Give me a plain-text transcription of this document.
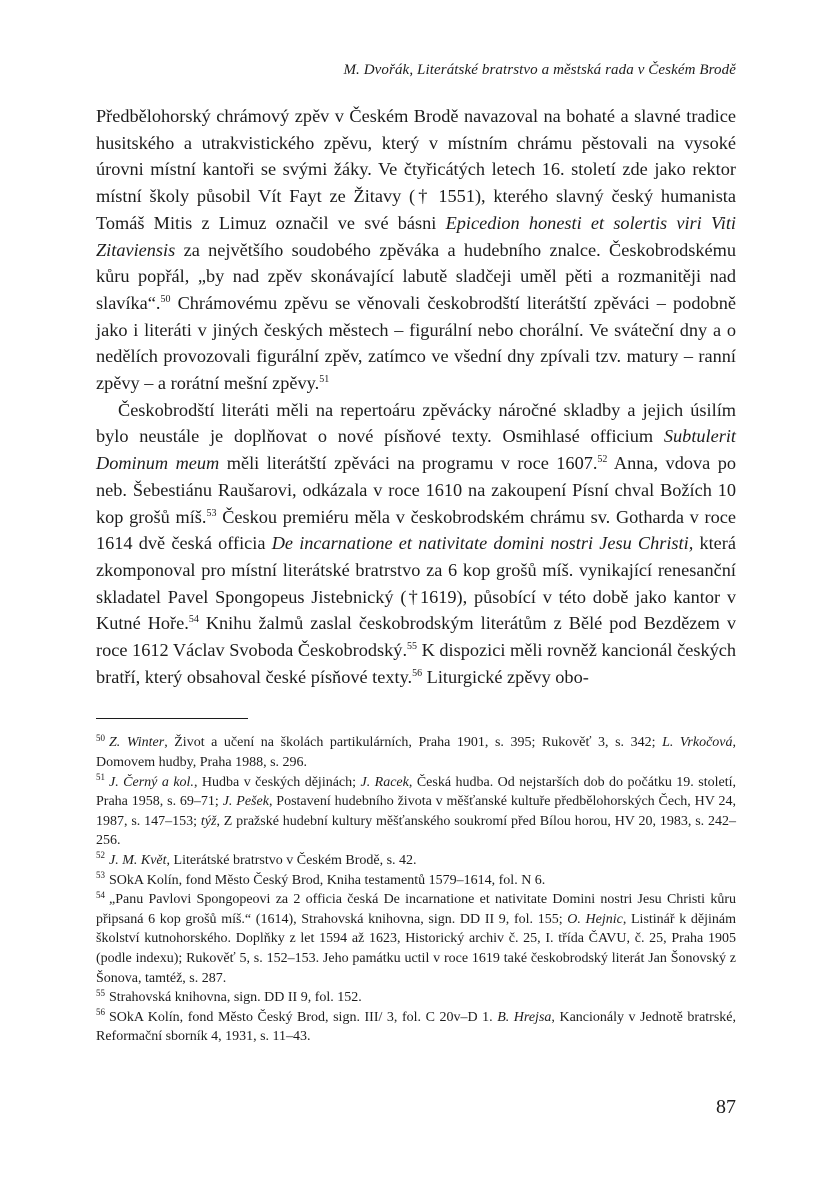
M. Dvořák, Literátské bratrstvo a městská rada v Českém Brodě

Předbělohorský chrámový zpěv v Českém Brodě navazoval na bohaté a slavné tradice husitského a utrakvistického zpěvu, který v místním chrámu pěstovali na vysoké úrovni místní kantoři se svými žáky. Ve čtyřicátých letech 16. století zde jako rektor místní školy působil Vít Fayt ze Žitavy († 1551), kterého slavný český humanista Tomáš Mitis z Limuz označil ve své básni Epicedion honesti et solertis viri Viti Zitaviensis za největšího soudobého zpěváka a hudebního znalce. Českobrodskému kůru popřál, „by nad zpěv skonávající labutě sladčeji uměl pěti a rozmanitěji nad slavíka“.$^{50}$ Chrámovému zpěvu se věnovali českobrodští literátští zpěváci – podobně jako i literáti v jiných českých městech – figurální nebo chorální. Ve sváteční dny a o nedělích provozovali figurální zpěv, zatímco ve všední dny zpívali tzv. matury – ranní zpěvy – a rorátní mešní zpěvy.$^{51}$

Českobrodští literáti měli na repertoáru zpěvácky náročné skladby a jejich úsilím bylo neustále je doplňovat o nové písňové texty. Osmihlasé officium Subtulerit Dominum meum měli literátští zpěváci na programu v roce 1607.52 Anna, vdova po neb. Šebestiánu Raušarovi, odkázala v roce 1610 na zakoupení Písní chval Božích 10 kop grošů míš.$^{53}$ Českou premiéru měla v českobrodském chrámu sv. Gotharda v roce 1614 dvě česká officia De incarnatione et nativitate domini nostri Jesu Christi, která zkomponoval pro místní literátské bratrstvo za 6 kop grošů míš. vynikající renesanční skladatel Pavel Spongopeus Jistebnický (†1619), působící v této době jako kantor v Kutné Hoře.$^{54}$ Knihu žalmů zaslal českobrodským literátům z Bělé pod Bezdězem v roce 1612 Václav Svoboda Českobrodský.$^{55}$ K dispozici měli rovněž kancionál českých bratří, který obsahoval české písňové texty.$^{56}$ Liturgické zpěvy obo-

$^{50}$ Z. Winter, Život a učení na školách partikulárních, Praha 1901, s. 395; Rukověť 3, s. 342; L. Vrkočová, Domovem hudby, Praha 1988, s. 296.

$^{51}$ J. Černý a kol., Hudba v českých dějinách; J. Racek, Česká hudba. Od nejstarších dob do počátku 19. století, Praha 1958, s. 69–71; J. Pešek, Postavení hudebního života v měšťanské kultuře předbělohorských Čech, HV 24, 1987, s. 147–153; týž, Z pražské hudební kultury měšťanského soukromí před Bílou horou, HV 20, 1983, s. 242–256.

$^{52}$ J. M. Květ, Literátské bratrstvo v Českém Brodě, s. 42.

$^{53}$ SOkA Kolín, fond Město Český Brod, Kniha testamentů 1579–1614, fol. N 6.

$^{54}$ „Panu Pavlovi Spongopeovi za 2 officia česká De incarnatione et nativitate Domini nostri Jesu Christi kůru připsaná 6 kop grošů míš.“ (1614), Strahovská knihovna, sign. DD II 9, fol. 155; O. Hejnic, Listinář k dějinám školství kutnohorského. Doplňky z let 1594 až 1623, Historický archiv č. 25, I. třída ČAVU, č. 25, Praha 1905 (podle indexu); Rukověť 5, s. 152–153. Jeho památku uctil v roce 1619 také českobrodský literát Jan Šonovský z Šonova, tamtéž, s. 287.

$^{55}$ Strahovská knihovna, sign. DD II 9, fol. 152.

$^{56}$ SOkA Kolín, fond Město Český Brod, sign. III/ 3, fol. C 20v–D 1. B. Hrejsa, Kancionály v Jednotě bratrské, Reformační sborník 4, 1931, s. 11–43.

87
